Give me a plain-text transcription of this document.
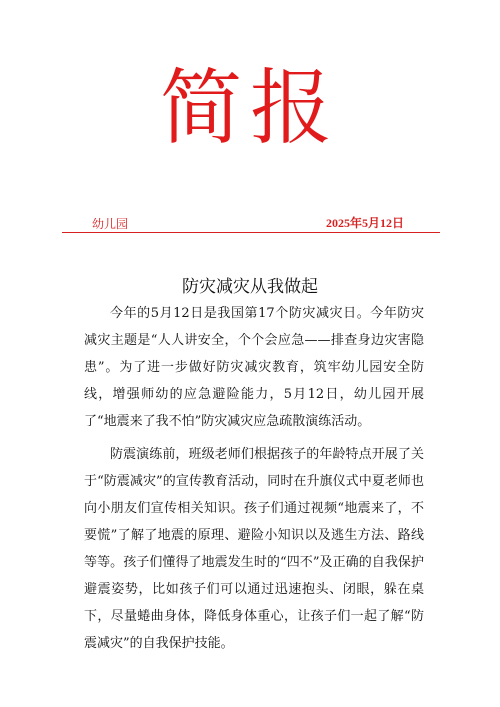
简报
幼儿园	2025年5月12日
防灾减灾从我做起

今年的5月12日是我国第17个防灾减灾日。今年防灾减灾主题是“人人讲安全，个个会应急——排查身边灾害隐患”。为了进一步做好防灾减灾教育，筑牢幼儿园安全防线，增强师幼的应急避险能力，5月12日，幼儿园开展了“地震来了我不怕”防灾减灾应急疏散演练活动。

防震演练前，班级老师们根据孩子的年龄特点开展了关于“防震减灾”的宣传教育活动，同时在升旗仪式中夏老师也向小朋友们宣传相关知识。孩子们通过视频“地震来了，不要慌”了解了地震的原理、避险小知识以及逃生方法、路线等等。孩子们懂得了地震发生时的“四不”及正确的自我保护避震姿势，比如孩子们可以通过迅速抱头、闭眼，躲在桌下，尽量蜷曲身体，降低身体重心，让孩子们一起了解“防震减灾”的自我保护技能。
